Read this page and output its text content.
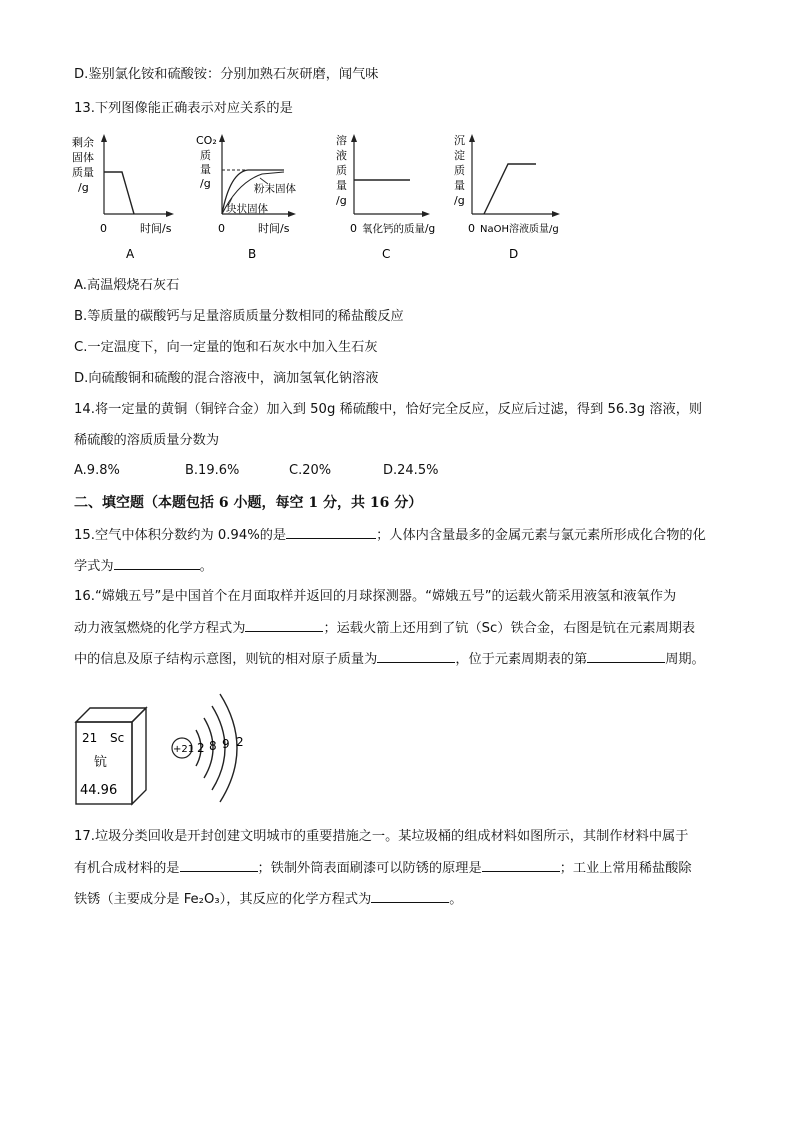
D.鉴别氯化铵和硫酸铵：分别加熟石灰研磨，闻气味
13.下列图像能正确表示对应关系的是
剩余
固体
质量
/g
0	时间/s
A
CO₂
质
量
/g	粉末固体
块状固体
0	时间/s
B
溶
液
质
量
/g
0 氧化钙的质量/g
C
沉
淀
质
量
/g
0 NaOH溶液质量/g
D
A.高温煅烧石灰石
B.等质量的碳酸钙与足量溶质质量分数相同的稀盐酸反应
C.一定温度下，向一定量的饱和石灰水中加入生石灰
D.向硫酸铜和硫酸的混合溶液中，滴加氢氧化钠溶液
14.将一定量的黄铜（铜锌合金）加入到 50g 稀硫酸中，恰好完全反应，反应后过滤，得到 56.3g 溶液，则
稀硫酸的溶质质量分数为
A.9.8%	B.19.6%	C.20%	D.24.5%
二、填空题（本题包括 6 小题，每空 1 分，共 16 分）
15.空气中体积分数约为 0.94%的是	；人体内含量最多的金属元素与氯元素所形成化合物的化
学式为	。
16.“嫦娥五号”是中国首个在月面取样并返回的月球探测器。“嫦娥五号”的运载火箭采用液氢和液氧作为
动力液氢燃烧的化学方程式为	；运载火箭上还用到了钪（Sc）铁合金，右图是钪在元素周期表
中的信息及原子结构示意图，则钪的相对原子质量为	，位于元素周期表的第	周期。
21 Sc
钪
44.96
+21 2 8 9 2
17.垃圾分类回收是开封创建文明城市的重要措施之一。某垃圾桶的组成材料如图所示，其制作材料中属于
有机合成材料的是	；铁制外筒表面刷漆可以防锈的原理是	；工业上常用稀盐酸除
铁锈（主要成分是 Fe₂O₃），其反应的化学方程式为	。
